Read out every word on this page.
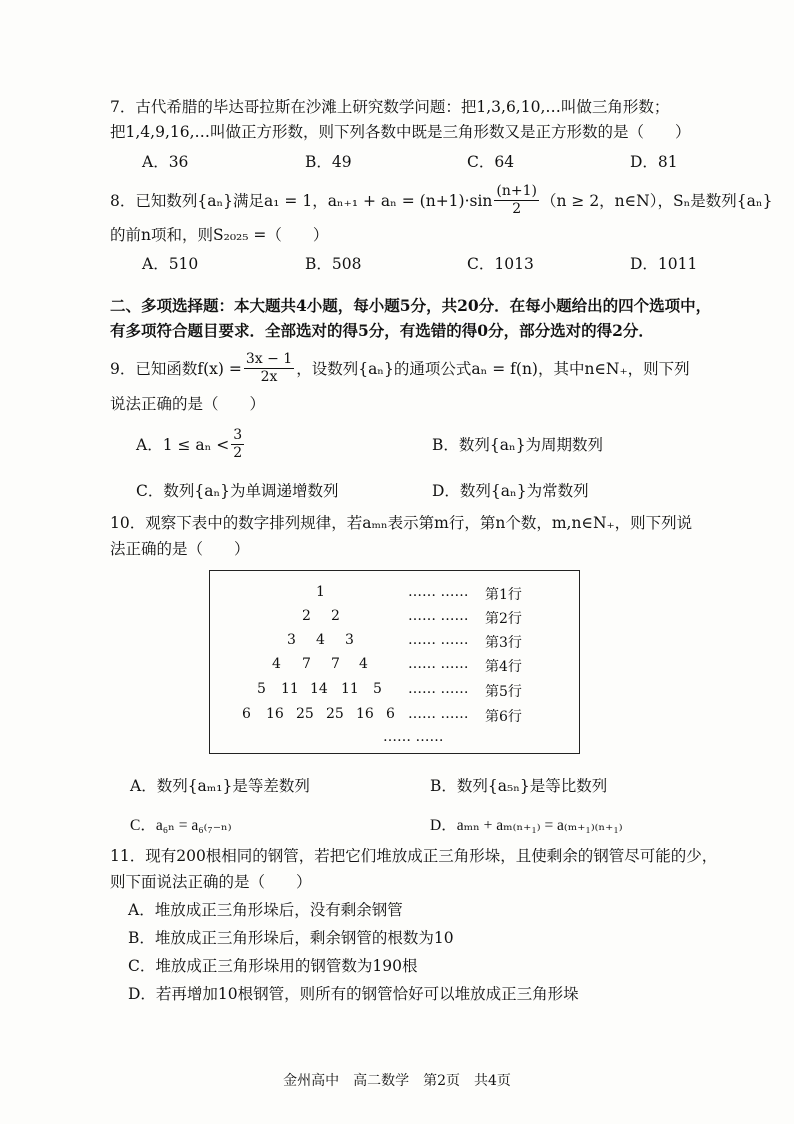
7．古代希腊的毕达哥拉斯在沙滩上研究数学问题：把1,3,6,10,…叫做三角形数；
把1,4,9,16,…叫做正方形数，则下列各数中既是三角形数又是正方形数的是（　　）
A．36	B．49	C．64	D．81
8．已知数列{aₙ}满足a₁ = 1，$a_{n+1} + a_n = (n+1)\cdot\sin \frac{(n+1)}{2} (n \ge 2$，n∈N），Sₙ是数列{aₙ}
的前n项和，则S₂₀₂₅ =（　　）
A．510	B．508	C．1013	D．1011
二、多项选择题：本大题共4小题，每小题5分，共20分．在每小题给出的四个选项中，
有多项符合题目要求．全部选对的得5分，有选错的得0分，部分选对的得2分．
9．已知函数$f(x) = \frac{3x - 1}{2x}$ ，设数列{aₙ}的通项公式aₙ = f(n)，其中n∈N₊，则下列
说法正确的是（　　）
A．$1 \le a_n < \frac{3}{2}$	B．数列{aₙ}为周期数列
C．数列{aₙ}为单调递增数列	D．数列{aₙ}为常数列
10．观察下表中的数字排列规律，若aₘₙ表示第m行，第n个数，m,n∈N₊，则下列说
法正确的是（　　）
1	…… …… 第1行
2 2	…… …… 第2行
3 4 3	…… …… 第3行
4 7 7 4	…… …… 第4行
5 11 14 11 5 …… …… 第5行
6 16 25 25 16 6 …… …… 第6行
…… ……
A．数列{aₘ₁}是等差数列	B．数列{a₅ₙ}是等比数列
C．a₆ₙ = a₆₍₇₋ₙ₎	D．aₘₙ + aₘ₍ₙ₊₁₎ = a₍ₘ₊₁₎₍ₙ₊₁₎
11．现有200根相同的钢管，若把它们堆放成正三角形垛，且使剩余的钢管尽可能的少，
则下面说法正确的是（　　）
A．堆放成正三角形垛后，没有剩余钢管
B．堆放成正三角形垛后，剩余钢管的根数为10
C．堆放成正三角形垛用的钢管数为190根
D．若再增加10根钢管，则所有的钢管恰好可以堆放成正三角形垛
金州高中　高二数学　第2页　共4页
